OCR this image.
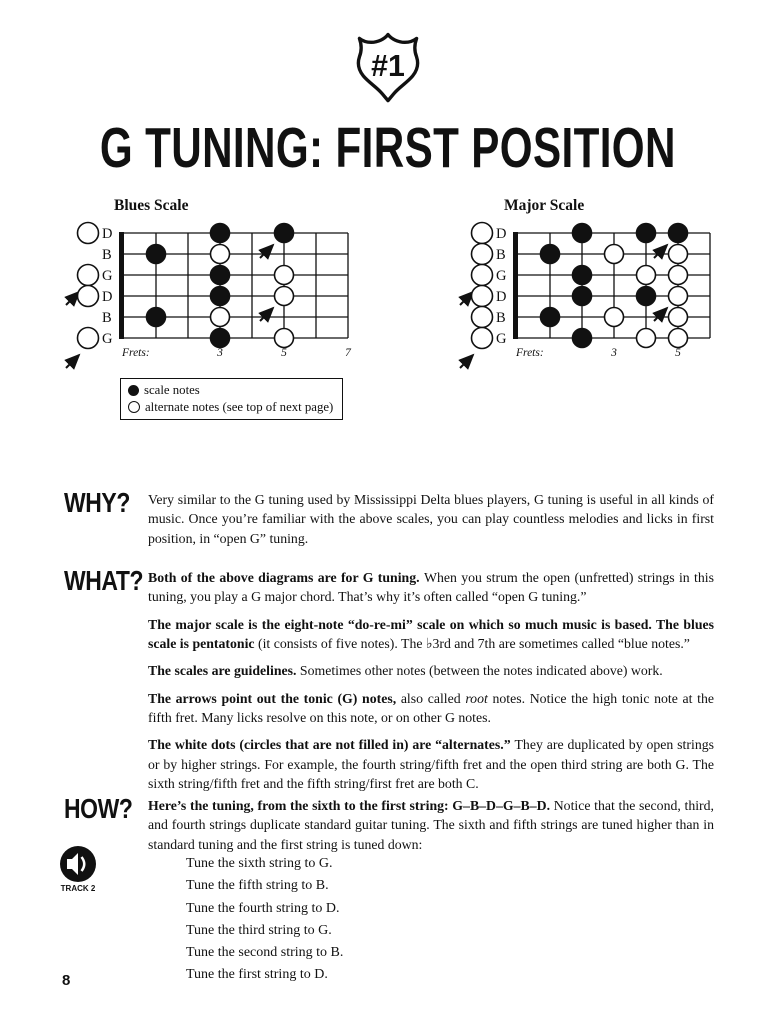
#1
G TUNING: FIRST POSITION
Blues Scale	Major Scale
D
B
G
D
B
G
Frets:	3	5	7
D
B
G
D
B
G
Frets:	3	5
scale notes
alternate notes (see top of next page)
WHY? Very similar to the G tuning used by Mississippi Delta blues players, G tuning is useful in all kinds of music. Once you’re familiar with the above scales, you can play countless melodies and licks in first position, in “open G” tuning.

WHAT? Both of the above diagrams are for G tuning. When you strum the open (unfretted) strings in this tuning, you play a G major chord. That’s why it’s often called “open G tuning.”

The major scale is the eight-note “do-re-mi” scale on which so much music is based. The blues scale is pentatonic (it consists of five notes). The ♭3rd and 7th are sometimes called “blue notes.”

The scales are guidelines. Sometimes other notes (between the notes indicated above) work.

The arrows point out the tonic (G) notes, also called root notes. Notice the high tonic note at the fifth fret. Many licks resolve on this note, or on other G notes.

The white dots (circles that are not filled in) are “alternates.” They are duplicated by open strings or by higher strings. For example, the fourth string/fifth fret and the open third string are both G. The sixth string/fifth fret and the fifth string/first fret are both C.

HOW? Here’s the tuning, from the sixth to the first string: G–B–D–G–B–D. Notice that the second, third, and fourth strings duplicate standard guitar tuning. The sixth and fifth strings are tuned higher than in standard tuning and the first string is tuned down:

TRACK 2

Tune the sixth string to G.

Tune the fifth string to B.

Tune the fourth string to D.

Tune the third string to G.

Tune the second string to B.

Tune the first string to D.

8
